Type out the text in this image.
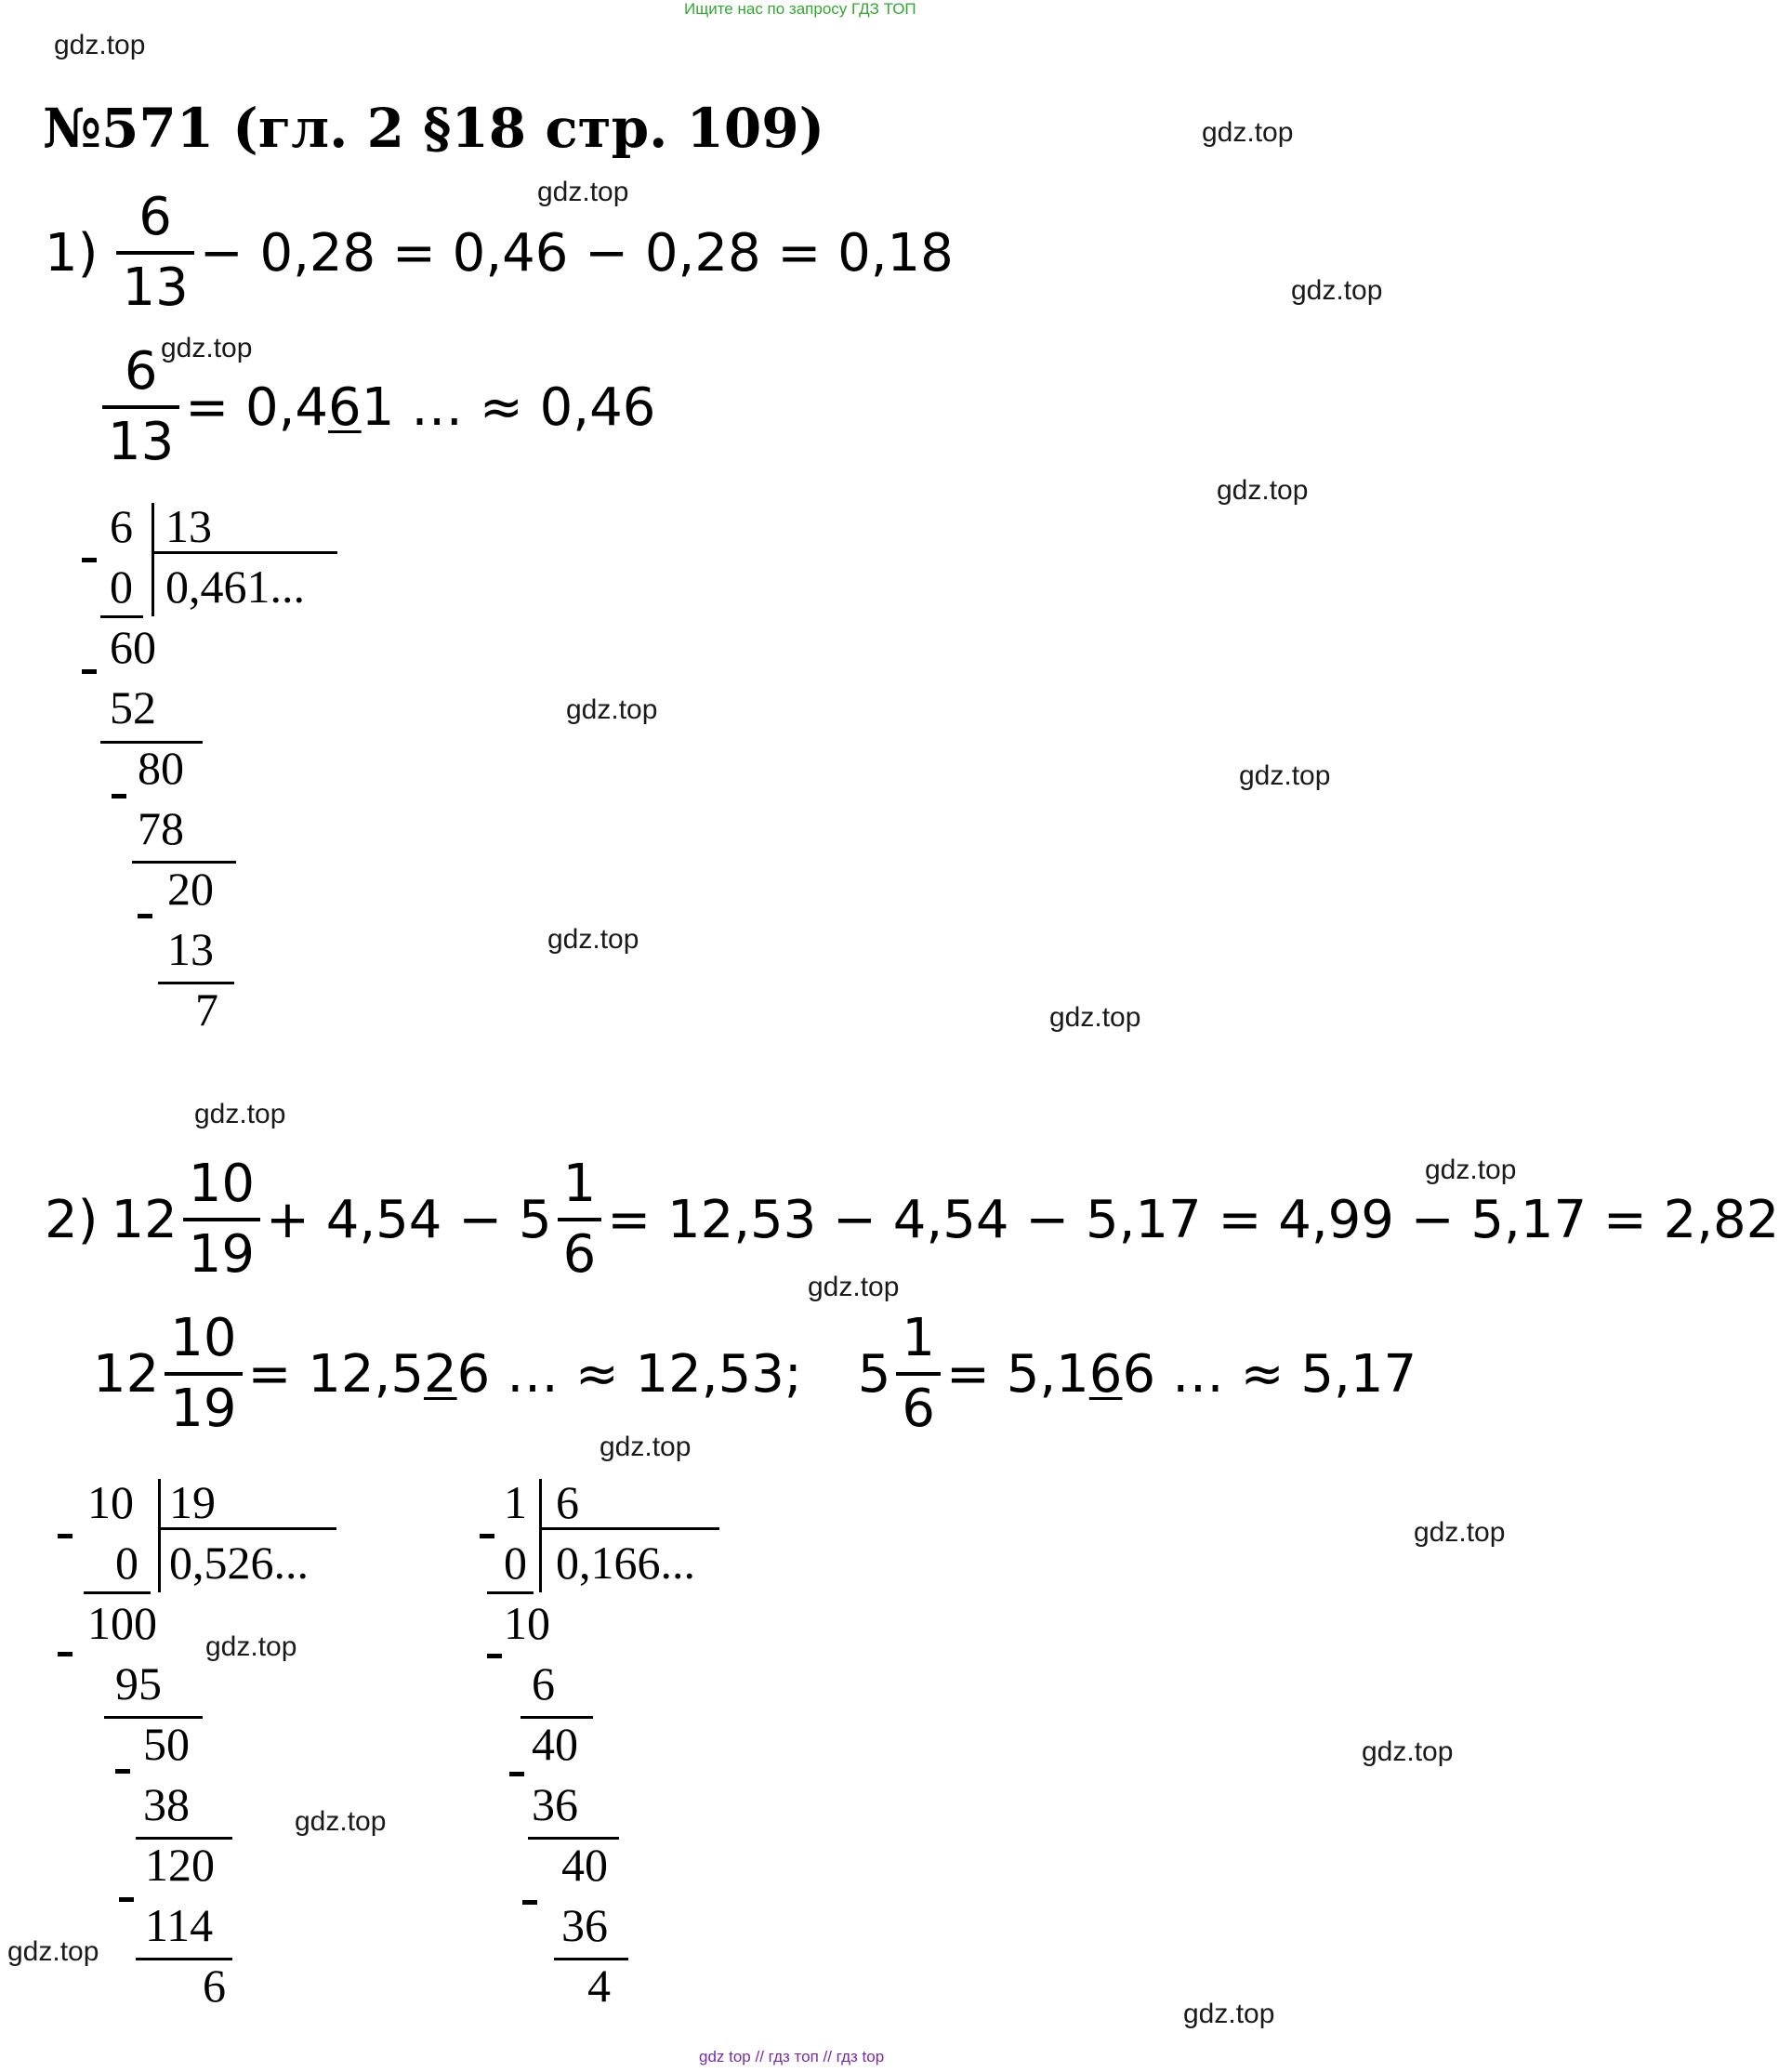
Ищите нас по запросу ГДЗ ТОП
gdz.top
gdz.top
gdz.top
gdz.top
gdz.top
gdz.top
gdz.top
gdz.top
gdz.top
gdz.top
gdz.top
gdz.top
gdz.top
gdz.top
gdz.top
gdz.top
gdz.top
gdz.top
gdz.top
gdz.top
№571 (гл. 2 §18 стр. 109)
$1) \frac{6}{13} - 0,28 = 0,46 - 0,28 = 0,18$
$\frac{6}{13} = 0,4$ 6 1 … ≈ 0,46
6 13
0 0,461...
60
52
80
78
20
13
7
2) $12 \frac{10}{19} + 4,54 - 5 \frac{1}{6} = 12,53 - 4,54 - 5,17 = 4,99 - 5,17 = 2,82$
$12 \frac{10}{19} = 12,5$ 2 6 … ≈ 12,53; $5 \frac{1}{6} = 5,1$ 6 6 … ≈ 5,17
10 19
0 0,526...
100
95
50
38
120
114
6
1 6
0 0,166...
10
6
40
36
40
36
4
gdz top // гдз топ // гдз top
